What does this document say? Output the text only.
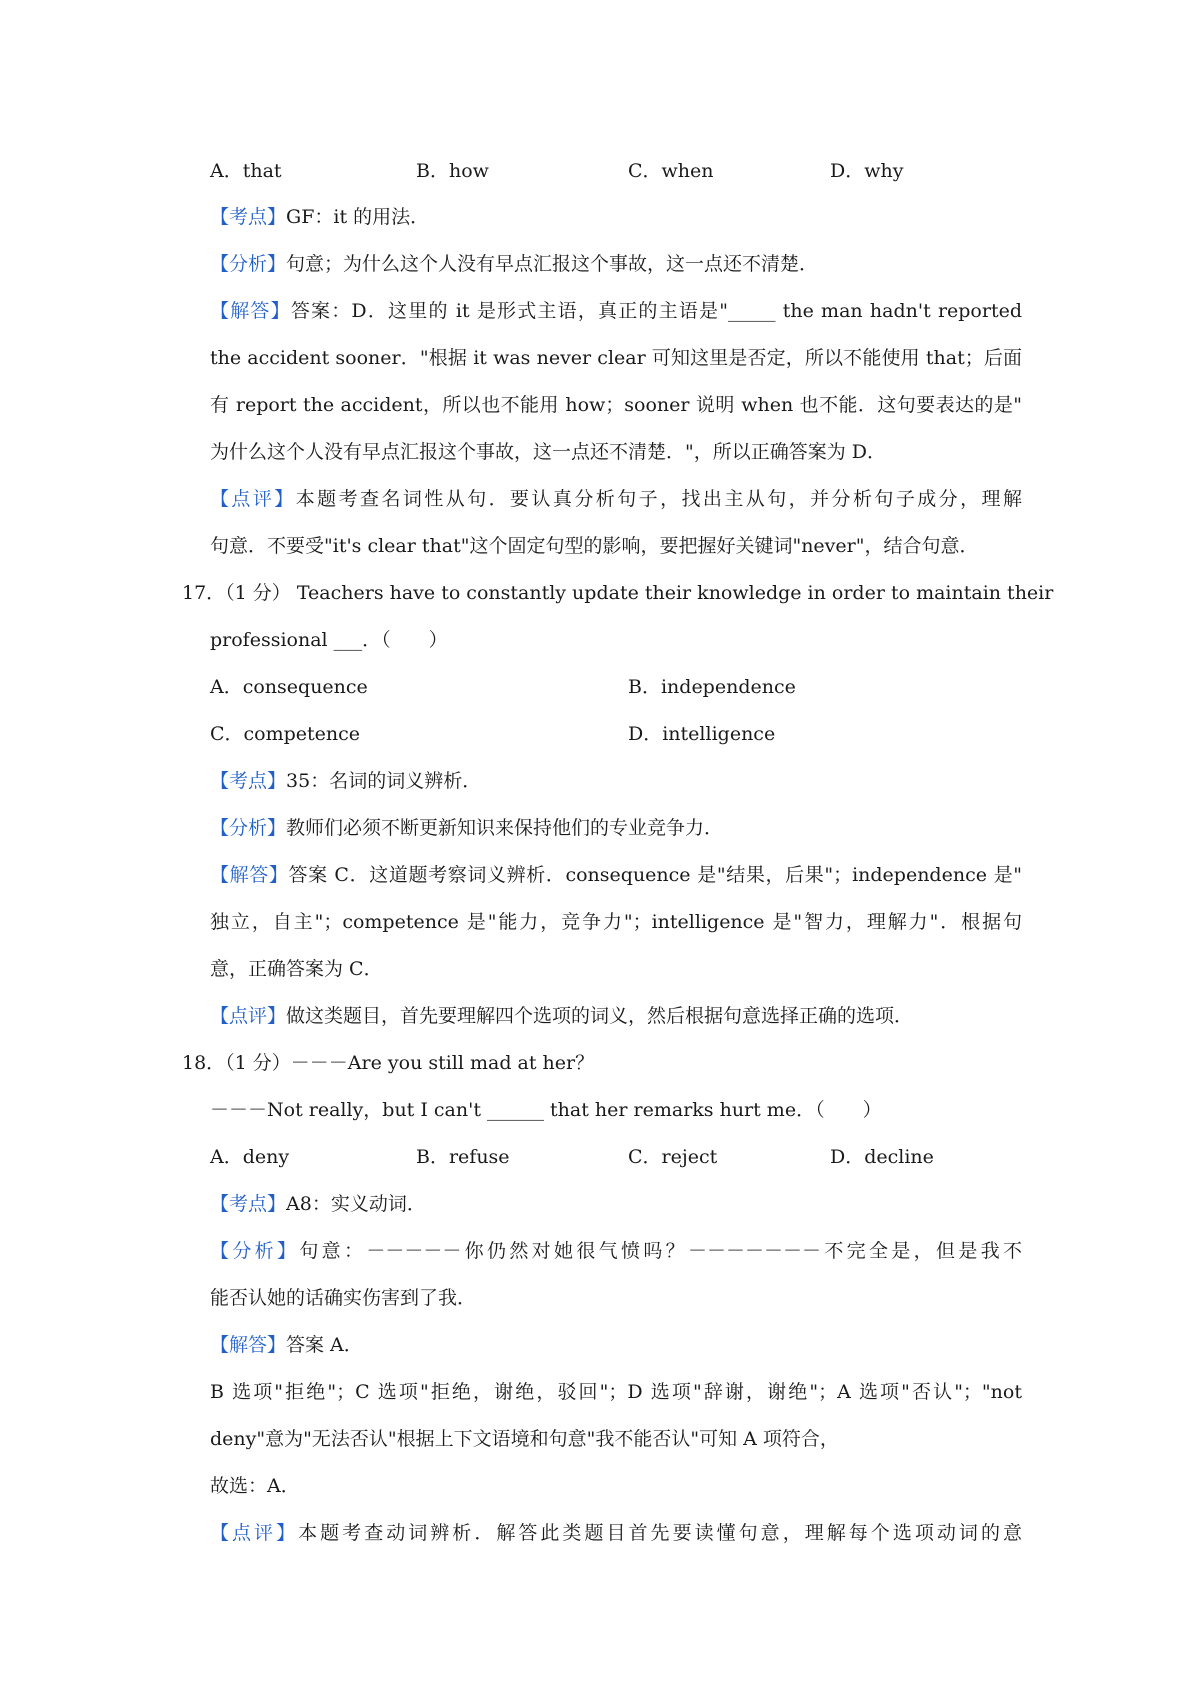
A．that	B．how	C．when	D．why
【考点】GF：it 的用法．
【分析】句意；为什么这个人没有早点汇报这个事故，这一点还不清楚．
【解答】答案：D．这里的 it 是形式主语，真正的主语是"_____ the man hadn't reported
the accident sooner．"根据 it was never clear 可知这里是否定，所以不能使用 that；后面
有 report the accident，所以也不能用 how；sooner 说明 when 也不能．这句要表达的是"
为什么这个人没有早点汇报这个事故，这一点还不清楚．"，所以正确答案为 D．
【点评】本题考查名词性从句．要认真分析句子，找出主从句，并分析句子成分，理解
句意．不要受"it's clear that"这个固定句型的影响，要把握好关键词"never"，结合句意．
17．（1 分） Teachers have to constantly update their knowledge in order to maintain their
professional ___．（　　）
A．consequence	B．independence
C．competence	D．intelligence
【考点】35：名词的词义辨析．
【分析】教师们必须不断更新知识来保持他们的专业竞争力．
【解答】答案 C．这道题考察词义辨析．consequence 是"结果，后果"；independence 是"
独立，自主"；competence 是"能力，竞争力"；intelligence 是"智力，理解力"．根据句
意，正确答案为 C．
【点评】做这类题目，首先要理解四个选项的词义，然后根据句意选择正确的选项．
18．（1 分）－－－Are you still mad at her？
－－－Not really，but I can't ______ that her remarks hurt me．（　　）
A．deny	B．refuse	C．reject	D．decline
【考点】A8：实义动词．
【分析】句意：－－－－－你仍然对她很气愤吗？－－－－－－－不完全是，但是我不
能否认她的话确实伤害到了我．
【解答】答案 A．
B 选项"拒绝"；C 选项"拒绝，谢绝，驳回"；D 选项"辞谢，谢绝"；A 选项"否认"；"not
deny"意为"无法否认"根据上下文语境和句意"我不能否认"可知 A 项符合，
故选：A．
【点评】本题考查动词辨析．解答此类题目首先要读懂句意，理解每个选项动词的意
